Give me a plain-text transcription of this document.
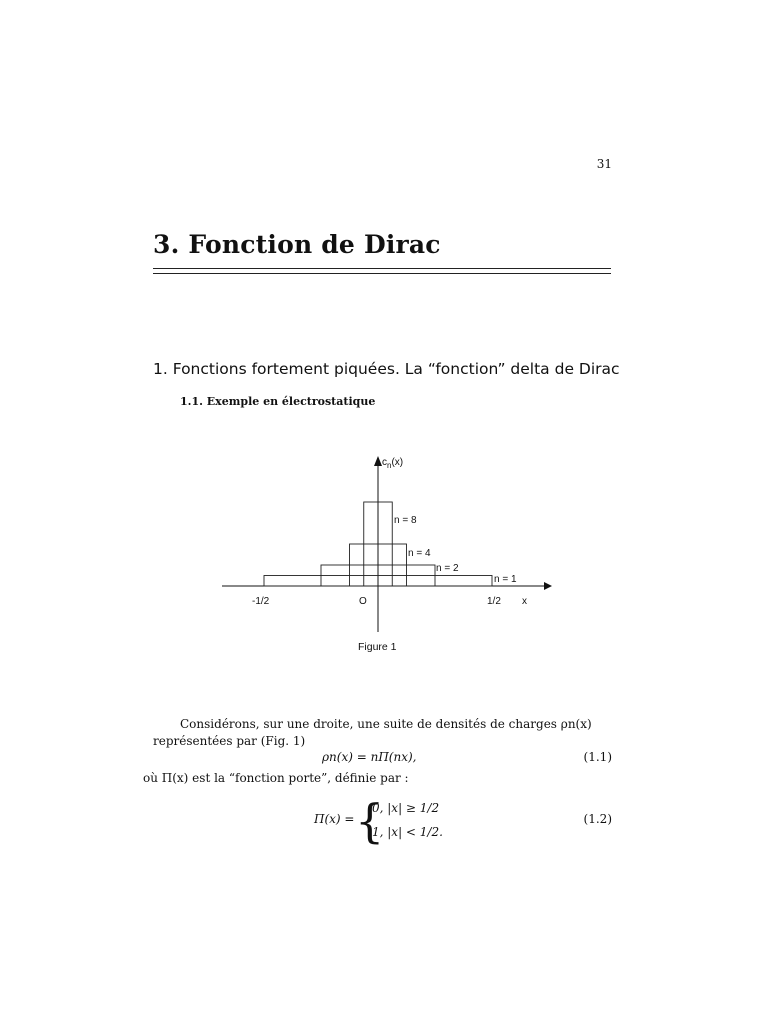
31
3. Fonction de Dirac
1. Fonctions fortement piquées. La “fonction” delta de Dirac
1.1. Exemple en électrostatique
$c_n(x)$
-1/2	O	1/2 x
n = 8
n = 4
n = 2
n = 1
Figure 1
Considérons, sur une droite, une suite de densités de charges ρn(x) représentées par (Fig. 1)
ρn(x) = nΠ(nx),	(1.1)
où Π(x) est la “fonction porte”, définie par :
Π(x) = {
0, |x| ≥ 1/2
1, |x| < 1/2.
(1.2)
